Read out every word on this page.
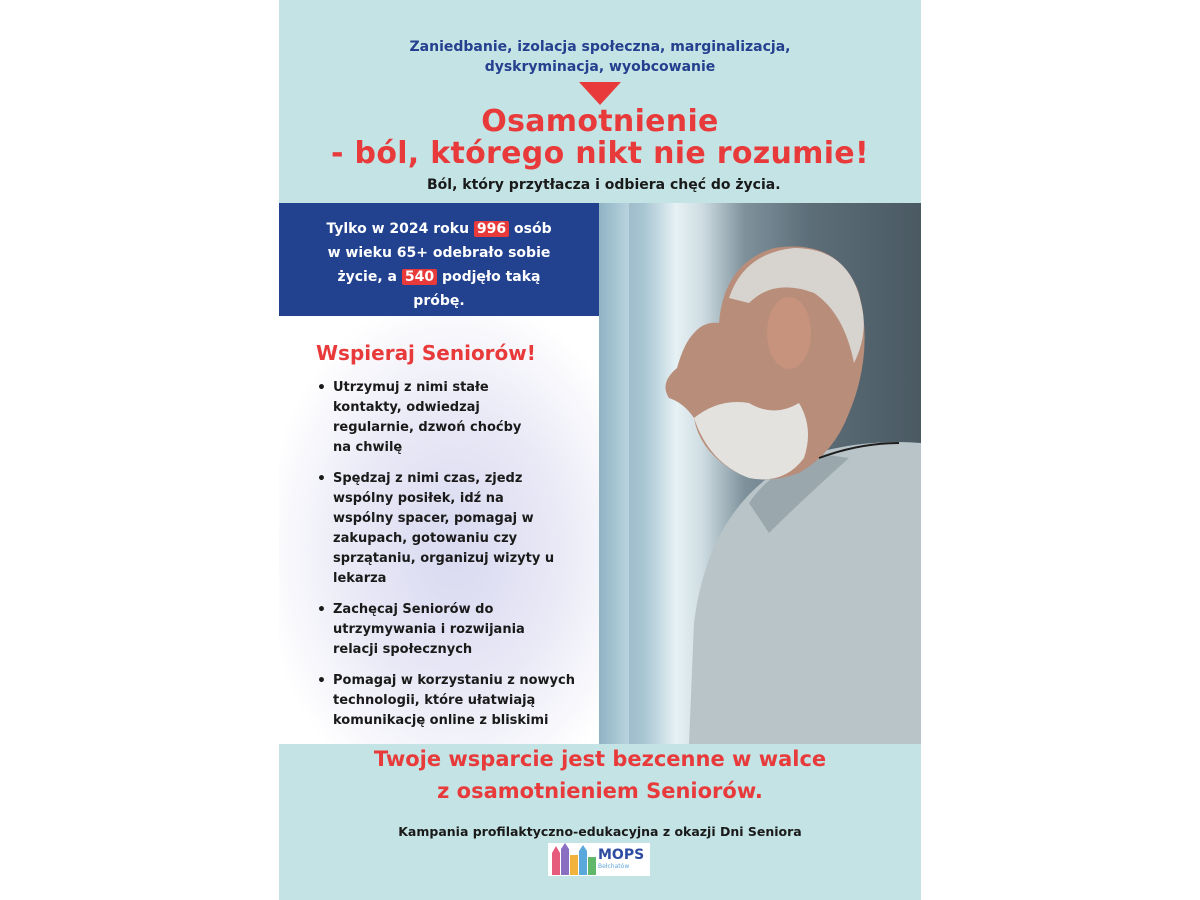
Zaniedbanie, izolacja społeczna, marginalizacja,
dyskryminacja, wyobcowanie
Osamotnienie
- ból, którego nikt nie rozumie!
Ból, który przytłacza i odbiera chęć do życia.
Tylko w 2024 roku 996 osób
w wieku 65+ odebrało sobie
życie, a 540 podjęło taką
próbę.
Wspieraj Seniorów!
• Utrzymuj z nimi stałe kontakty, odwiedzaj regularnie, dzwoń choćby na chwilę
• Spędzaj z nimi czas, zjedz wspólny posiłek, idź na wspólny spacer, pomagaj w zakupach, gotowaniu czy sprzątaniu, organizuj wizyty u lekarza
• Zachęcaj Seniorów do utrzymywania i rozwijania relacji społecznych
• Pomagaj w korzystaniu z nowych technologii, które ułatwiają komunikację online z bliskimi
Twoje wsparcie jest bezcenne w walce
z osamotnieniem Seniorów.
Kampania profilaktyczno-edukacyjna z okazji Dni Seniora
MOPS
Bełchatów
